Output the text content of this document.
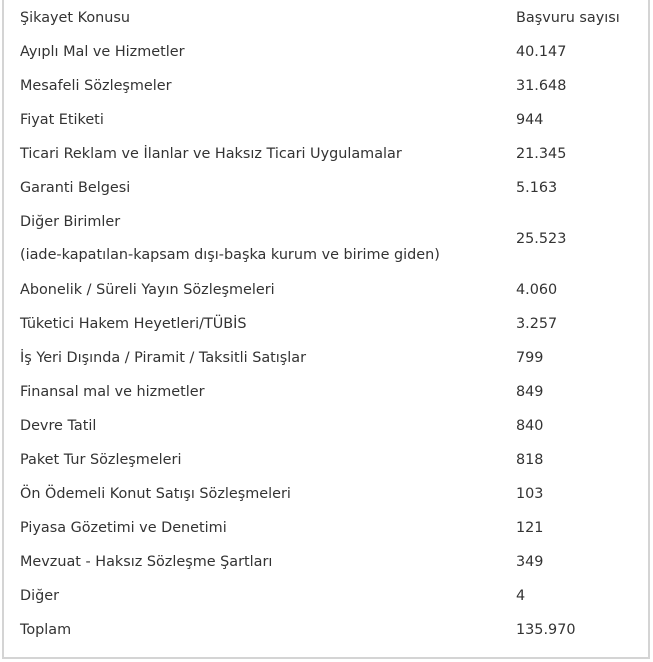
Şikayet Konusu	Başvuru sayısı
Ayıplı Mal ve Hizmetler	40.147
Mesafeli Sözleşmeler	31.648
Fiyat Etiketi	944
Ticari Reklam ve İlanlar ve Haksız Ticari Uygulamalar	21.345
Garanti Belgesi	5.163

Diğer Birimler
(iade-kapatılan-kapsam dışı-başka kurum ve birime giden)	25.523
Abonelik / Süreli Yayın Sözleşmeleri	4.060
Tüketici Hakem Heyetleri/TÜBİS	3.257
İş Yeri Dışında / Piramit / Taksitli Satışlar	799
Finansal mal ve hizmetler	849
Devre Tatil	840
Paket Tur Sözleşmeleri	818
Ön Ödemeli Konut Satışı Sözleşmeleri	103
Piyasa Gözetimi ve Denetimi	121
Mevzuat - Haksız Sözleşme Şartları	349
Diğer	4
Toplam	135.970
